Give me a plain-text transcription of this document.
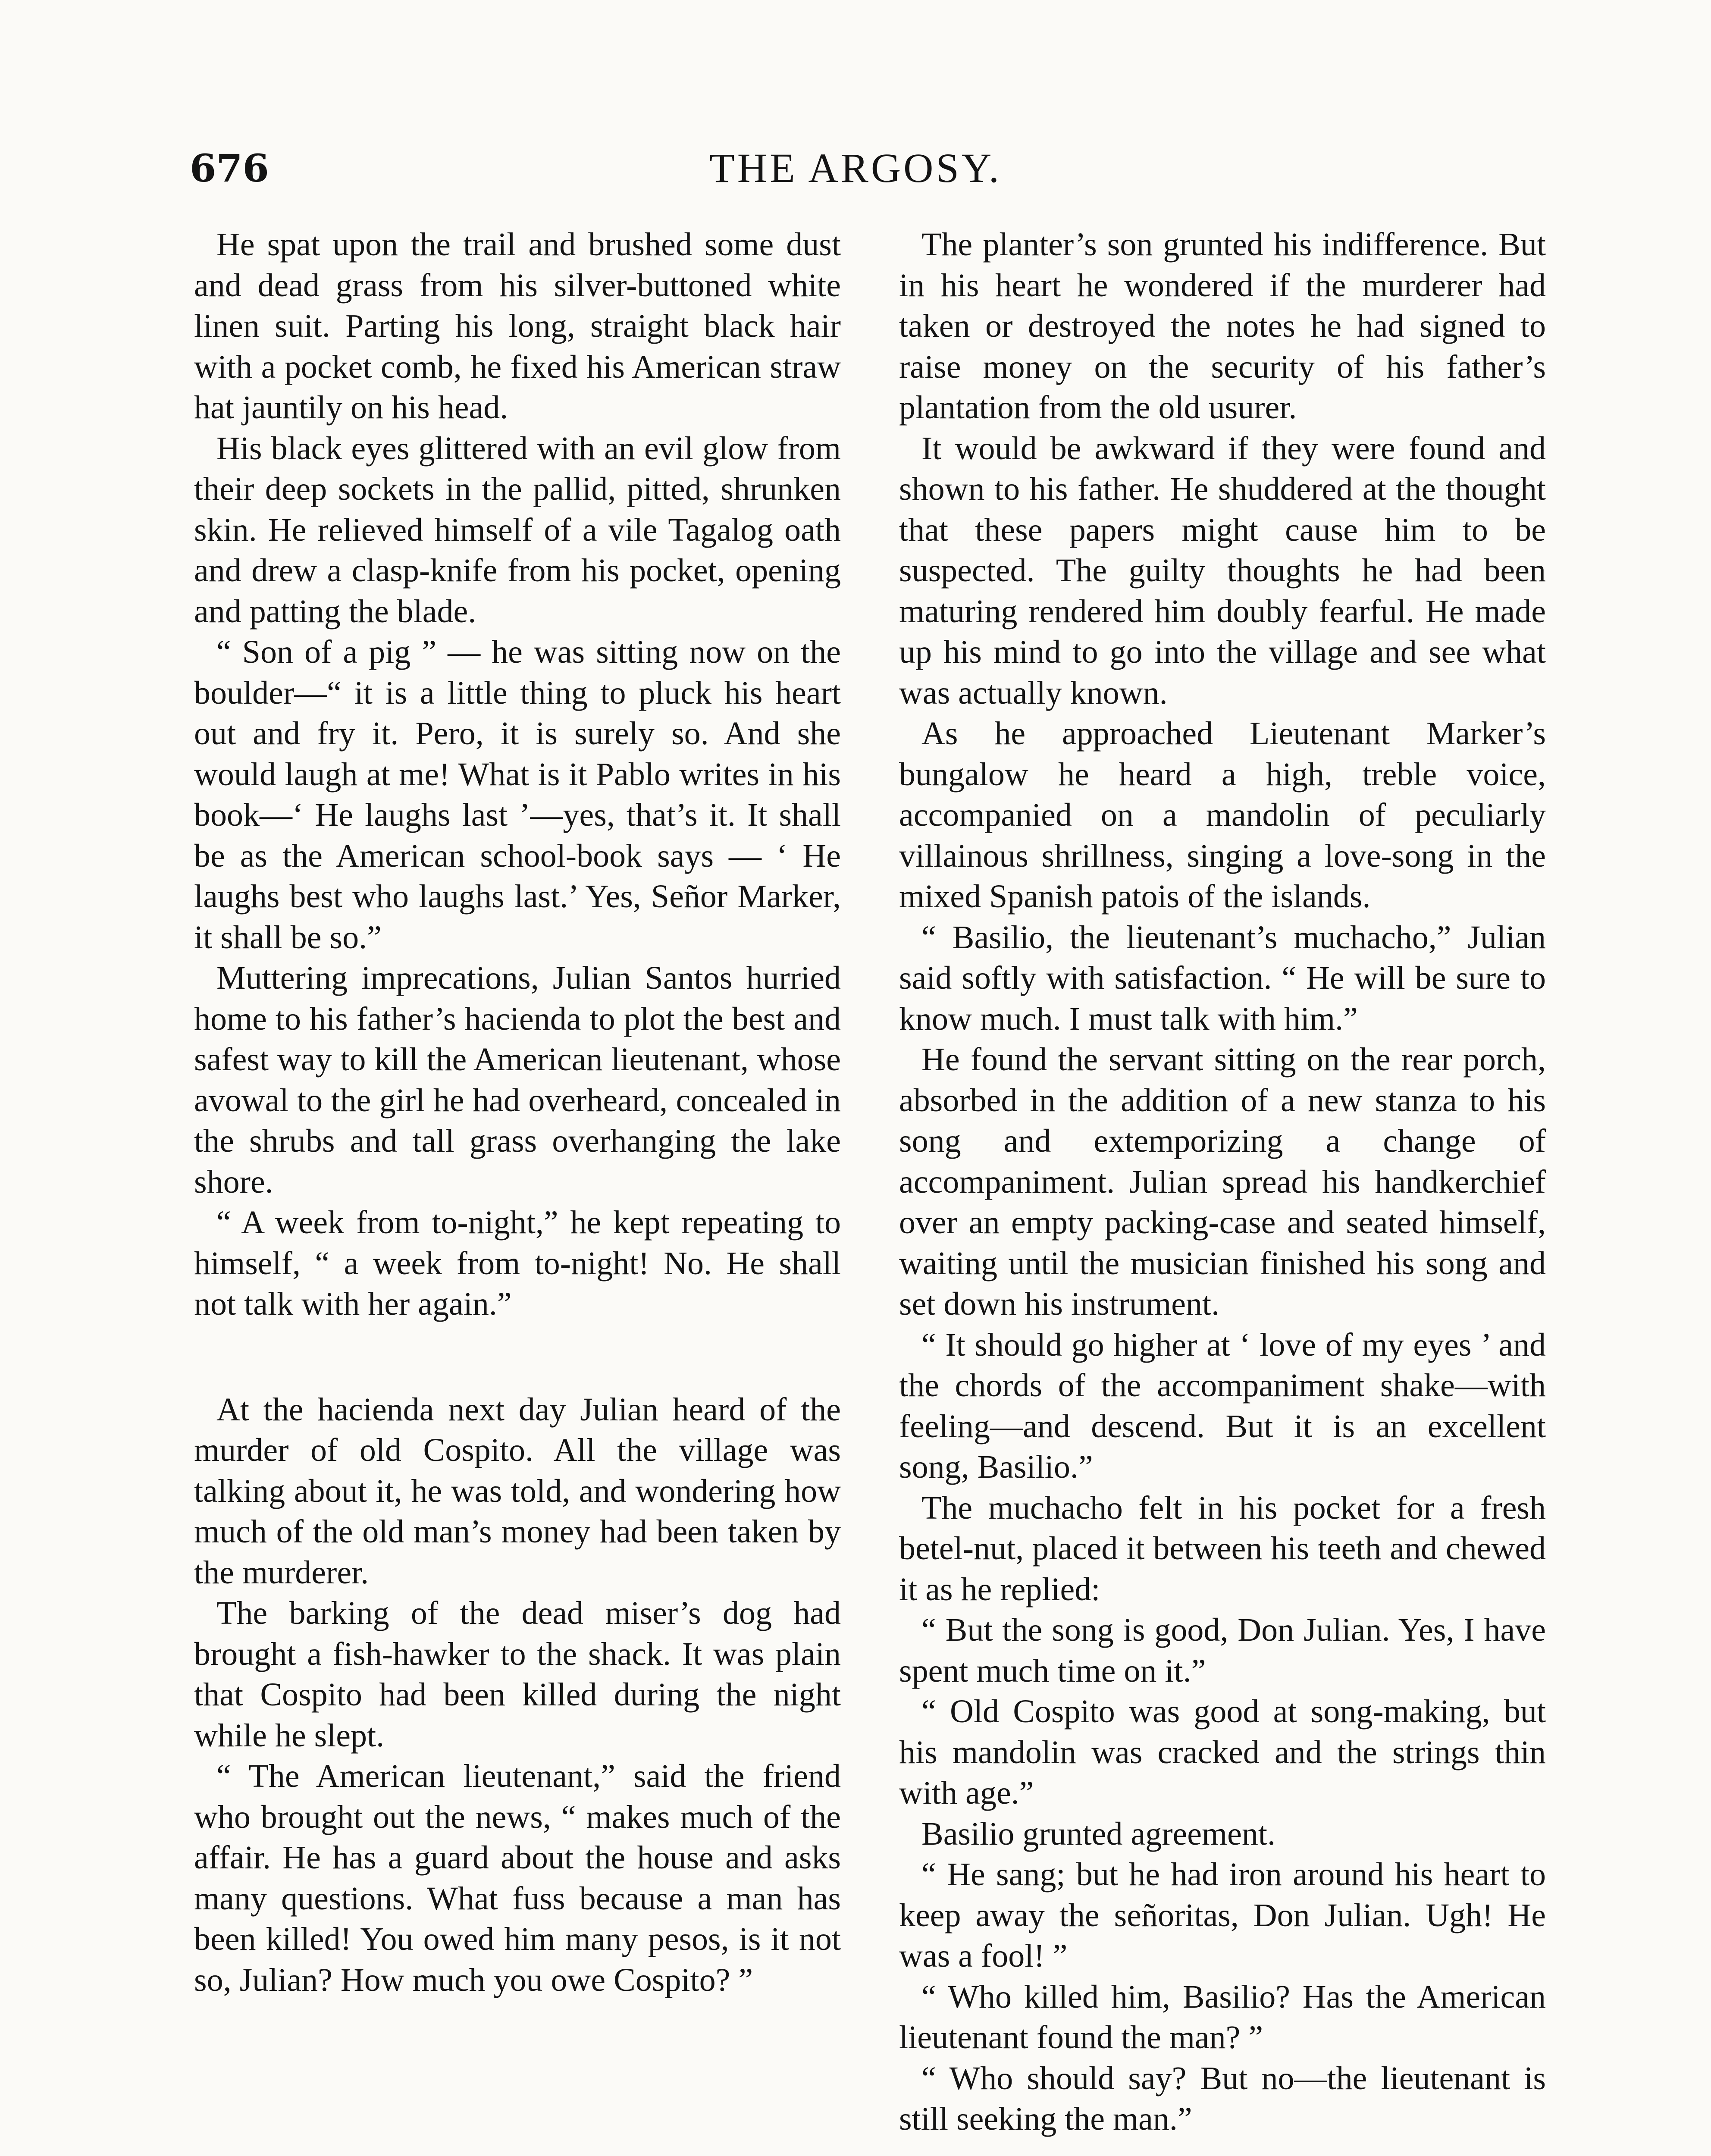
676	THE ARGOSY.

He spat upon the trail and brushed some dust and dead grass from his silver-buttoned white linen suit. Parting his long, straight black hair with a pocket comb, he fixed his American straw hat jauntily on his head.

His black eyes glittered with an evil glow from their deep sockets in the pallid, pitted, shrunken skin. He relieved himself of a vile Tagalog oath and drew a clasp-knife from his pocket, opening and patting the blade.

“ Son of a pig ” — he was sitting now on the boulder—“ it is a little thing to pluck his heart out and fry it. Pero, it is surely so. And she would laugh at me! What is it Pablo writes in his book—‘ He laughs last ’—yes, that’s it. It shall be as the American school-book says — ‘ He laughs best who laughs last.’ Yes, Señor Marker, it shall be so.”

Muttering imprecations, Julian Santos hurried home to his father’s hacienda to plot the best and safest way to kill the American lieutenant, whose avowal to the girl he had overheard, concealed in the shrubs and tall grass overhanging the lake shore.

“ A week from to-night,” he kept repeating to himself, “ a week from to-night! No. He shall not talk with her again.”

At the hacienda next day Julian heard of the murder of old Cospito. All the village was talking about it, he was told, and wondering how much of the old man’s money had been taken by the murderer.

The barking of the dead miser’s dog had brought a fish-hawker to the shack. It was plain that Cospito had been killed during the night while he slept.

“ The American lieutenant,” said the friend who brought out the news, “ makes much of the affair. He has a guard about the house and asks many questions. What fuss because a man has been killed! You owed him many pesos, is it not so, Julian? How much you owe Cospito? ”

The planter’s son grunted his indifference. But in his heart he wondered if the murderer had taken or destroyed the notes he had signed to raise money on the security of his father’s plantation from the old usurer.

It would be awkward if they were found and shown to his father. He shuddered at the thought that these papers might cause him to be suspected. The guilty thoughts he had been maturing rendered him doubly fearful. He made up his mind to go into the village and see what was actually known.

As he approached Lieutenant Marker’s bungalow he heard a high, treble voice, accompanied on a mandolin of peculiarly villainous shrillness, singing a love-song in the mixed Spanish patois of the islands.

“ Basilio, the lieutenant’s muchacho,” Julian said softly with satisfaction. “ He will be sure to know much. I must talk with him.”

He found the servant sitting on the rear porch, absorbed in the addition of a new stanza to his song and extemporizing a change of accompaniment. Julian spread his handkerchief over an empty packing-case and seated himself, waiting until the musician finished his song and set down his instrument.

“ It should go higher at ‘ love of my eyes ’ and the chords of the accompaniment shake—with feeling—and descend. But it is an excellent song, Basilio.”

The muchacho felt in his pocket for a fresh betel-nut, placed it between his teeth and chewed it as he replied:

“ But the song is good, Don Julian. Yes, I have spent much time on it.”

“ Old Cospito was good at song-making, but his mandolin was cracked and the strings thin with age.”

Basilio grunted agreement.

“ He sang; but he had iron around his heart to keep away the señoritas, Don Julian. Ugh! He was a fool! ”

“ Who killed him, Basilio? Has the American lieutenant found the man? ”

“ Who should say? But no—the lieutenant is still seeking the man.”
